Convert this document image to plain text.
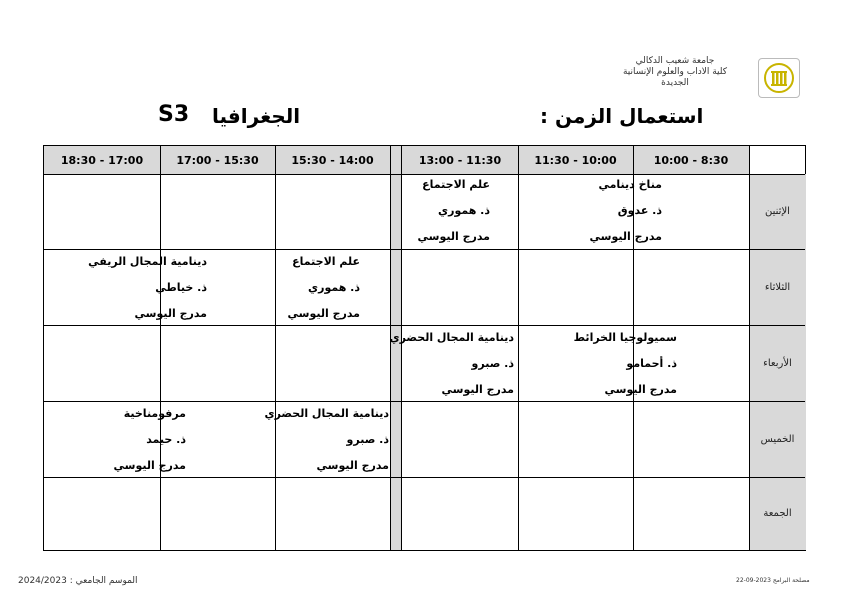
جامعة شعيب الدكالي
كلية الاداب والعلوم الإنسانية
الجديدة
استعمال الزمن :
الجغرافيا
S3
10:00 - 8:30
11:30 - 10:00
13:00 - 11:30
15:30 - 14:00
17:00 - 15:30
18:30 - 17:00
الإثنين
الثلاثاء
الأربعاء
الخميس
الجمعة
مناخ دينامي
ذ. عدوق
مدرج اليوسي
علم الاجتماع
ذ. هموري
مدرج اليوسي
علم الاجتماع
ذ. هموري
مدرج اليوسي
دينامية المجال الريفي
ذ. خياطي
مدرج اليوسي
سميولوجيا الخرائط
ذ. أحمامو
مدرج اليوسي
دينامية المجال الحضري
ذ. صبرو
مدرج اليوسي
دينامية المجال الحضري
ذ. صبرو
مدرج اليوسي
مرفومناخية
ذ. حيمد
مدرج اليوسي
الموسم الجامعي : 2024/2023	مصلحة البرامج 2023-09-22
